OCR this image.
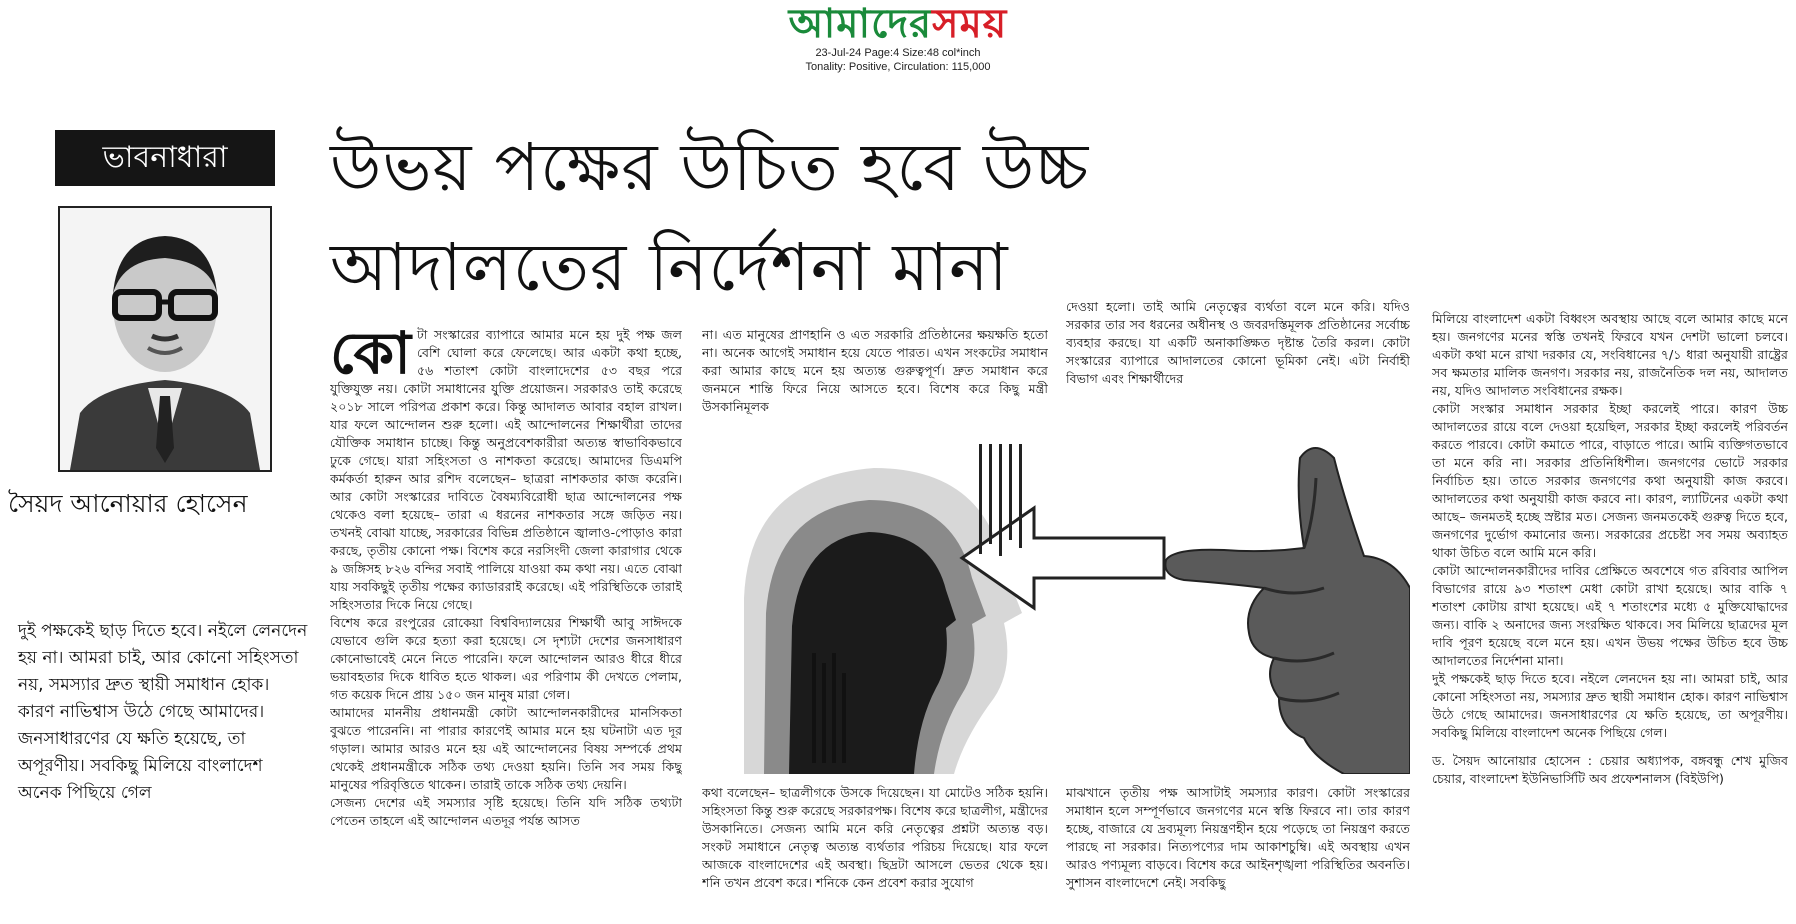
আমাদেরসময়
23-Jul-24 Page:4 Size:48 col*inch
Tonality: Positive, Circulation: 115,000
ভাবনাধারা
সৈয়দ আনোয়ার হোসেন

দুই পক্ষকেই ছাড় দিতে হবে। নইলে লেনদেন হয় না। আমরা চাই, আর কোনো সহিংসতা নয়, সমস্যার দ্রুত স্থায়ী সমাধান হোক। কারণ নাভিশ্বাস উঠে গেছে আমাদের। জনসাধারণের যে ক্ষতি হয়েছে, তা অপূরণীয়। সবকিছু মিলিয়ে বাংলাদেশ অনেক পিছিয়ে গেল

উভয় পক্ষের উচিত হবে উচ্চ
আদালতের নির্দেশনা মানা

কোটা সংস্কারের ব্যাপারে আমার মনে হয় দুই পক্ষ জল বেশি ঘোলা করে ফেলেছে। আর একটা কথা হচ্ছে, ৫৬ শতাংশ কোটা বাংলাদেশের ৫৩ বছর পরে যুক্তিযুক্ত নয়। কোটা সমাধানের যুক্তি প্রয়োজন। সরকারও তাই করেছে ২০১৮ সালে পরিপত্র প্রকাশ করে। কিন্তু আদালত আবার বহাল রাখল। যার ফলে আন্দোলন শুরু হলো। এই আন্দোলনের শিক্ষার্থীরা তাদের যৌক্তিক সমাধান চাচ্ছে। কিন্তু অনুপ্রবেশকারীরা অত্যন্ত স্বাভাবিকভাবে ঢুকে গেছে। যারা সহিংসতা ও নাশকতা করেছে। আমাদের ডিএমপি কর্মকর্তা হারুন আর রশিদ বলেছেন– ছাত্ররা নাশকতার কাজ করেনি। আর কোটা সংস্কারের দাবিতে বৈষম্যবিরোধী ছাত্র আন্দোলনের পক্ষ থেকেও বলা হয়েছে– তারা এ ধরনের নাশকতার সঙ্গে জড়িত নয়। তখনই বোঝা যাচ্ছে, সরকারের বিভিন্ন প্রতিষ্ঠানে জ্বালাও-পোড়াও কারা করছে, তৃতীয় কোনো পক্ষ। বিশেষ করে নরসিংদী জেলা কারাগার থেকে ৯ জঙ্গিসহ ৮২৬ বন্দির সবাই পালিয়ে যাওয়া কম কথা নয়। এতে বোঝা যায় সবকিছুই তৃতীয় পক্ষের ক্যাডাররাই করেছে। এই পরিস্থিতিকে তারাই সহিংসতার দিকে নিয়ে গেছে।

বিশেষ করে রংপুরের রোকেয়া বিশ্ববিদ্যালয়ের শিক্ষার্থী আবু সাঈদকে যেভাবে গুলি করে হত্যা করা হয়েছে। সে দৃশ্যটা দেশের জনসাধারণ কোনোভাবেই মেনে নিতে পারেনি। ফলে আন্দোলন আরও ধীরে ধীরে ভয়াবহতার দিকে ধাবিত হতে থাকল। এর পরিণাম কী দেখতে পেলাম, গত কয়েক দিনে প্রায় ১৫০ জন মানুষ মারা গেল।

আমাদের মাননীয় প্রধানমন্ত্রী কোটা আন্দোলনকারীদের মানসিকতা বুঝতে পারেননি। না পারার কারণেই আমার মনে হয় ঘটনাটা এত দূর গড়াল। আমার আরও মনে হয় এই আন্দোলনের বিষয় সম্পর্কে প্রথম থেকেই প্রধানমন্ত্রীকে সঠিক তথ্য দেওয়া হয়নি। তিনি সব সময় কিছু মানুষের পরিবৃত্তিতে থাকেন। তারাই তাকে সঠিক তথ্য দেয়নি।

সেজন্য দেশের এই সমস্যার সৃষ্টি হয়েছে। তিনি যদি সঠিক তথ্যটা পেতেন তাহলে এই আন্দোলন এতদূর পর্যন্ত আসত

না। এত মানুষের প্রাণহানি ও এত সরকারি প্রতিষ্ঠানের ক্ষয়ক্ষতি হতো না। অনেক আগেই সমাধান হয়ে যেতে পারত। এখন সংকটের সমাধান করা আমার কাছে মনে হয় অত্যন্ত গুরুত্বপূর্ণ। দ্রুত সমাধান করে জনমনে শান্তি ফিরে নিয়ে আসতে হবে। বিশেষ করে কিছু মন্ত্রী উসকানিমূলক

দেওয়া হলো। তাই আমি নেতৃত্বের ব্যর্থতা বলে মনে করি। যদিও সরকার তার সব ধরনের অধীনস্থ ও জবরদস্তিমূলক প্রতিষ্ঠানের সর্বোচ্চ ব্যবহার করছে। যা একটি অনাকাঙ্ক্ষিত দৃষ্টান্ত তৈরি করল। কোটা সংস্কারের ব্যাপারে আদালতের কোনো ভূমিকা নেই। এটা নির্বাহী বিভাগ এবং শিক্ষার্থীদের

কথা বলেছেন– ছাত্রলীগকে উসকে দিয়েছেন। যা মোটেও সঠিক হয়নি। সহিংসতা কিন্তু শুরু করেছে সরকারপক্ষ। বিশেষ করে ছাত্রলীগ, মন্ত্রীদের উসকানিতে। সেজন্য আমি মনে করি নেতৃত্বের প্রশ্নটা অত্যন্ত বড়। সংকট সমাধানে নেতৃত্ব অত্যন্ত ব্যর্থতার পরিচয় দিয়েছে। যার ফলে আজকে বাংলাদেশের এই অবস্থা। ছিদ্রটা আসলে ভেতর থেকে হয়। শনি তখন প্রবেশ করে। শনিকে কেন প্রবেশ করার সুযোগ

মাঝখানে তৃতীয় পক্ষ আসাটাই সমস্যার কারণ। কোটা সংস্কারের সমাধান হলে সম্পূর্ণভাবে জনগণের মনে স্বস্তি ফিরবে না। তার কারণ হচ্ছে, বাজারে যে দ্রব্যমূল্য নিয়ন্ত্রণহীন হয়ে পড়েছে তা নিয়ন্ত্রণ করতে পারছে না সরকার। নিত্যপণ্যের দাম আকাশচুম্বি। এই অবস্থায় এখন আরও পণ্যমূল্য বাড়বে। বিশেষ করে আইনশৃঙ্খলা পরিস্থিতির অবনতি। সুশাসন বাংলাদেশে নেই। সবকিছু

মিলিয়ে বাংলাদেশ একটা বিধ্বংস অবস্থায় আছে বলে আমার কাছে মনে হয়। জনগণের মনের স্বস্তি তখনই ফিরবে যখন দেশটা ভালো চলবে। একটা কথা মনে রাখা দরকার যে, সংবিধানের ৭/১ ধারা অনুযায়ী রাষ্ট্রের সব ক্ষমতার মালিক জনগণ। সরকার নয়, রাজনৈতিক দল নয়, আদালত নয়, যদিও আদালত সংবিধানের রক্ষক।

কোটা সংস্কার সমাধান সরকার ইচ্ছা করলেই পারে। কারণ উচ্চ আদালতের রায়ে বলে দেওয়া হয়েছিল, সরকার ইচ্ছা করলেই পরিবর্তন করতে পারবে। কোটা কমাতে পারে, বাড়াতে পারে। আমি ব্যক্তিগতভাবে তা মনে করি না। সরকার প্রতিনিধিশীল। জনগণের ভোটে সরকার নির্বাচিত হয়। তাতে সরকার জনগণের কথা অনুযায়ী কাজ করবে। আদালতের কথা অনুযায়ী কাজ করবে না। কারণ, ল্যাটিনের একটা কথা আছে– জনমতই হচ্ছে স্রষ্টার মত। সেজন্য জনমতকেই গুরুত্ব দিতে হবে, জনগণের দুর্ভোগ কমানোর জন্য। সরকারের প্রচেষ্টা সব সময় অব্যাহত থাকা উচিত বলে আমি মনে করি।

কোটা আন্দোলনকারীদের দাবির প্রেক্ষিতে অবশেষে গত রবিবার আপিল বিভাগের রায়ে ৯৩ শতাংশ মেধা কোটা রাখা হয়েছে। আর বাকি ৭ শতাংশ কোটায় রাখা হয়েছে। এই ৭ শতাংশের মধ্যে ৫ মুক্তিযোদ্ধাদের জন্য। বাকি ২ অনাদের জন্য সংরক্ষিত থাকবে। সব মিলিয়ে ছাত্রদের মূল দাবি পূরণ হয়েছে বলে মনে হয়। এখন উভয় পক্ষের উচিত হবে উচ্চ আদালতের নির্দেশনা মানা।

দুই পক্ষকেই ছাড় দিতে হবে। নইলে লেনদেন হয় না। আমরা চাই, আর কোনো সহিংসতা নয়, সমস্যার দ্রুত স্থায়ী সমাধান হোক। কারণ নাভিশ্বাস উঠে গেছে আমাদের। জনসাধারণের যে ক্ষতি হয়েছে, তা অপূরণীয়। সবকিছু মিলিয়ে বাংলাদেশ অনেক পিছিয়ে গেল।

ড. সৈয়দ আনোয়ার হোসেন : চেয়ার অধ্যাপক, বঙ্গবন্ধু শেখ মুজিব চেয়ার, বাংলাদেশ ইউনিভার্সিটি অব প্রফেশনালস (বিইউপি)
